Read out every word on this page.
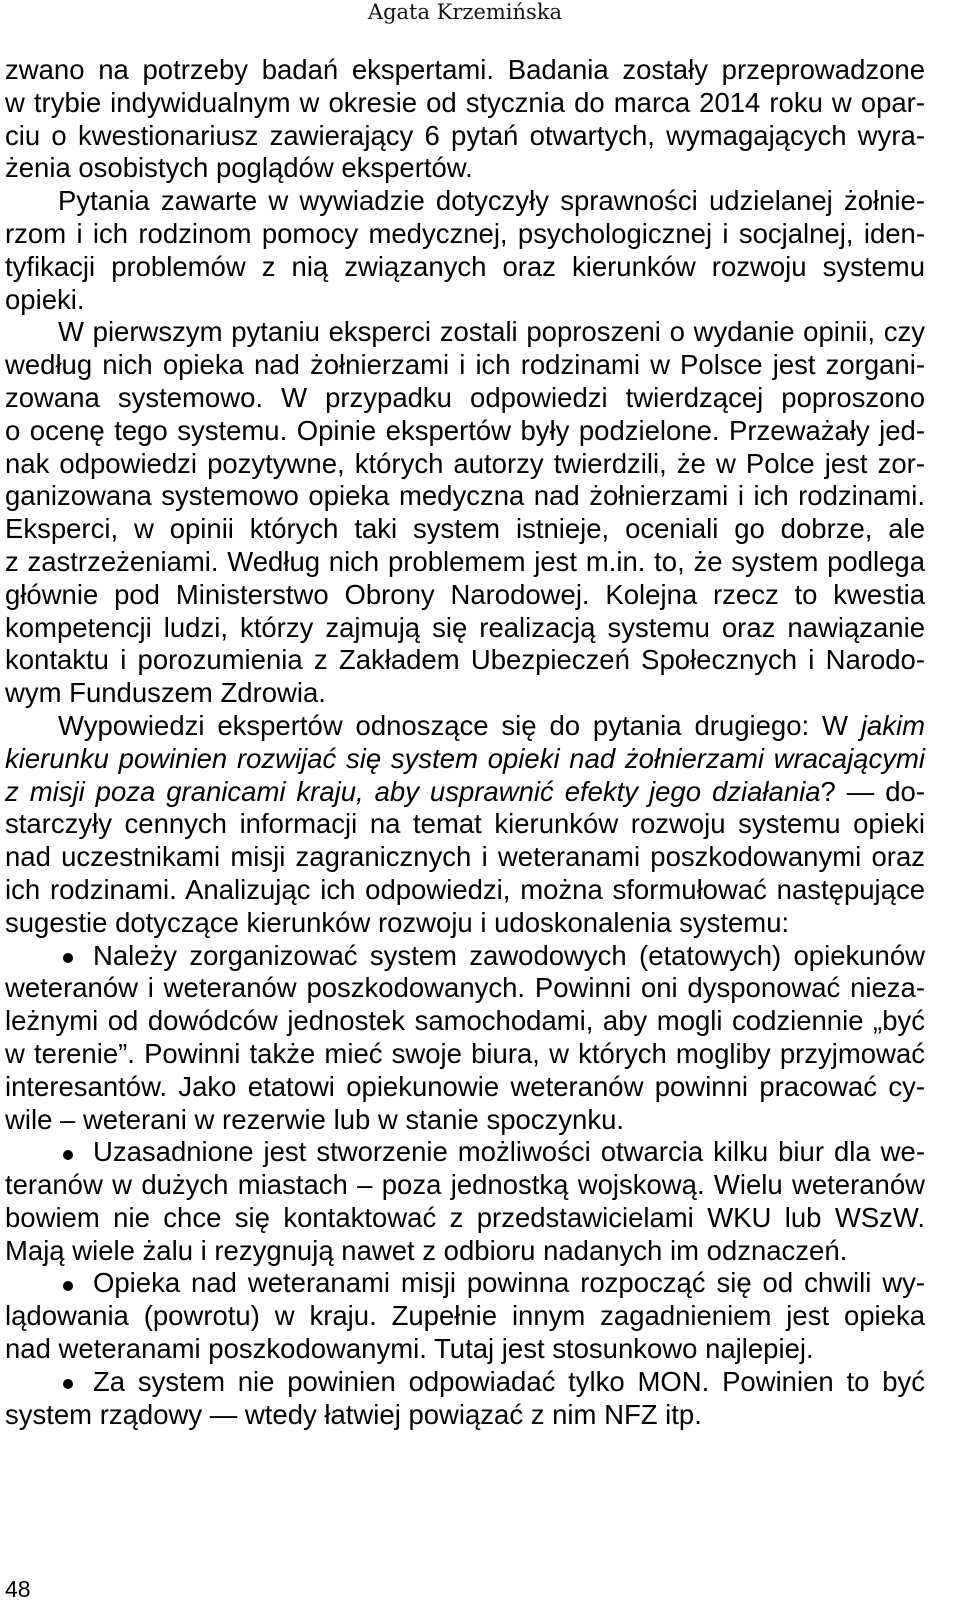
Agata Krzemińska
zwano na potrzeby badań ekspertami. Badania zostały przeprowadzone
w trybie indywidualnym w okresie od stycznia do marca 2014 roku w opar-
ciu o kwestionariusz zawierający 6 pytań otwartych, wymagających wyra-
żenia osobistych poglądów ekspertów.
Pytania zawarte w wywiadzie dotyczyły sprawności udzielanej żołnie-
rzom i ich rodzinom pomocy medycznej, psychologicznej i socjalnej, iden-
tyfikacji problemów z nią związanych oraz kierunków rozwoju systemu
opieki.
W pierwszym pytaniu eksperci zostali poproszeni o wydanie opinii, czy
według nich opieka nad żołnierzami i ich rodzinami w Polsce jest zorgani-
zowana systemowo. W przypadku odpowiedzi twierdzącej poproszono
o ocenę tego systemu. Opinie ekspertów były podzielone. Przeważały jed-
nak odpowiedzi pozytywne, których autorzy twierdzili, że w Polce jest zor-
ganizowana systemowo opieka medyczna nad żołnierzami i ich rodzinami.
Eksperci, w opinii których taki system istnieje, oceniali go dobrze, ale
z zastrzeżeniami. Według nich problemem jest m.in. to, że system podlega
głównie pod Ministerstwo Obrony Narodowej. Kolejna rzecz to kwestia
kompetencji ludzi, którzy zajmują się realizacją systemu oraz nawiązanie
kontaktu i porozumienia z Zakładem Ubezpieczeń Społecznych i Narodo-
wym Funduszem Zdrowia.
Wypowiedzi ekspertów odnoszące się do pytania drugiego: W jakim
kierunku powinien rozwijać się system opieki nad żołnierzami wracającymi
z misji poza granicami kraju, aby usprawnić efekty jego działania? — do-
starczyły cennych informacji na temat kierunków rozwoju systemu opieki
nad uczestnikami misji zagranicznych i weteranami poszkodowanymi oraz
ich rodzinami. Analizując ich odpowiedzi, można sformułować następujące
sugestie dotyczące kierunków rozwoju i udoskonalenia systemu:
Należy zorganizować system zawodowych (etatowych) opiekunów
weteranów i weteranów poszkodowanych. Powinni oni dysponować nieza-
leżnymi od dowódców jednostek samochodami, aby mogli codziennie „być
w terenie”. Powinni także mieć swoje biura, w których mogliby przyjmować
interesantów. Jako etatowi opiekunowie weteranów powinni pracować cy-
wile – weterani w rezerwie lub w stanie spoczynku.
Uzasadnione jest stworzenie możliwości otwarcia kilku biur dla we-
teranów w dużych miastach – poza jednostką wojskową. Wielu weteranów
bowiem nie chce się kontaktować z przedstawicielami WKU lub WSzW.
Mają wiele żalu i rezygnują nawet z odbioru nadanych im odznaczeń.
Opieka nad weteranami misji powinna rozpocząć się od chwili wy-
lądowania (powrotu) w kraju. Zupełnie innym zagadnieniem jest opieka
nad weteranami poszkodowanymi. Tutaj jest stosunkowo najlepiej.
Za system nie powinien odpowiadać tylko MON. Powinien to być
system rządowy — wtedy łatwiej powiązać z nim NFZ itp.
48
